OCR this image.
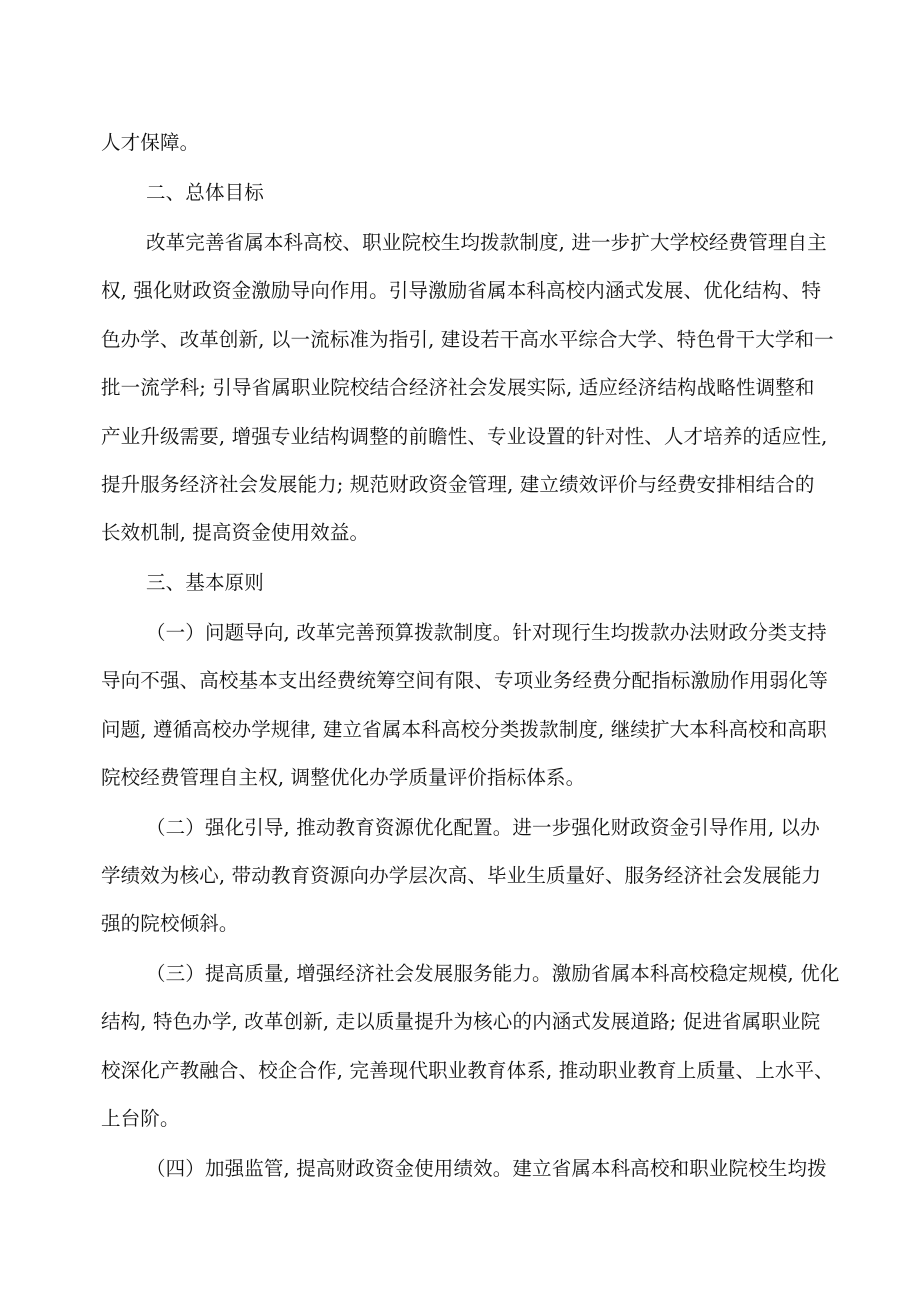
人才保障。
二、总体目标
改革完善省属本科高校、职业院校生均拨款制度, 进一步扩大学校经费管理自主
权, 强化财政资金激励导向作用。引导激励省属本科高校内涵式发展、优化结构、特
色办学、改革创新, 以一流标准为指引, 建设若干高水平综合大学、特色骨干大学和一
批一流学科; 引导省属职业院校结合经济社会发展实际, 适应经济结构战略性调整和
产业升级需要, 增强专业结构调整的前瞻性、专业设置的针对性、人才培养的适应性,
提升服务经济社会发展能力; 规范财政资金管理, 建立绩效评价与经费安排相结合的
长效机制, 提高资金使用效益。
三、基本原则
（一）问题导向, 改革完善预算拨款制度。针对现行生均拨款办法财政分类支持
导向不强、高校基本支出经费统筹空间有限、专项业务经费分配指标激励作用弱化等
问题, 遵循高校办学规律, 建立省属本科高校分类拨款制度, 继续扩大本科高校和高职
院校经费管理自主权, 调整优化办学质量评价指标体系。
（二）强化引导, 推动教育资源优化配置。进一步强化财政资金引导作用, 以办
学绩效为核心, 带动教育资源向办学层次高、毕业生质量好、服务经济社会发展能力
强的院校倾斜。
（三）提高质量, 增强经济社会发展服务能力。激励省属本科高校稳定规模, 优化
结构, 特色办学, 改革创新, 走以质量提升为核心的内涵式发展道路; 促进省属职业院
校深化产教融合、校企合作, 完善现代职业教育体系, 推动职业教育上质量、上水平、
上台阶。
（四）加强监管, 提高财政资金使用绩效。建立省属本科高校和职业院校生均拨
